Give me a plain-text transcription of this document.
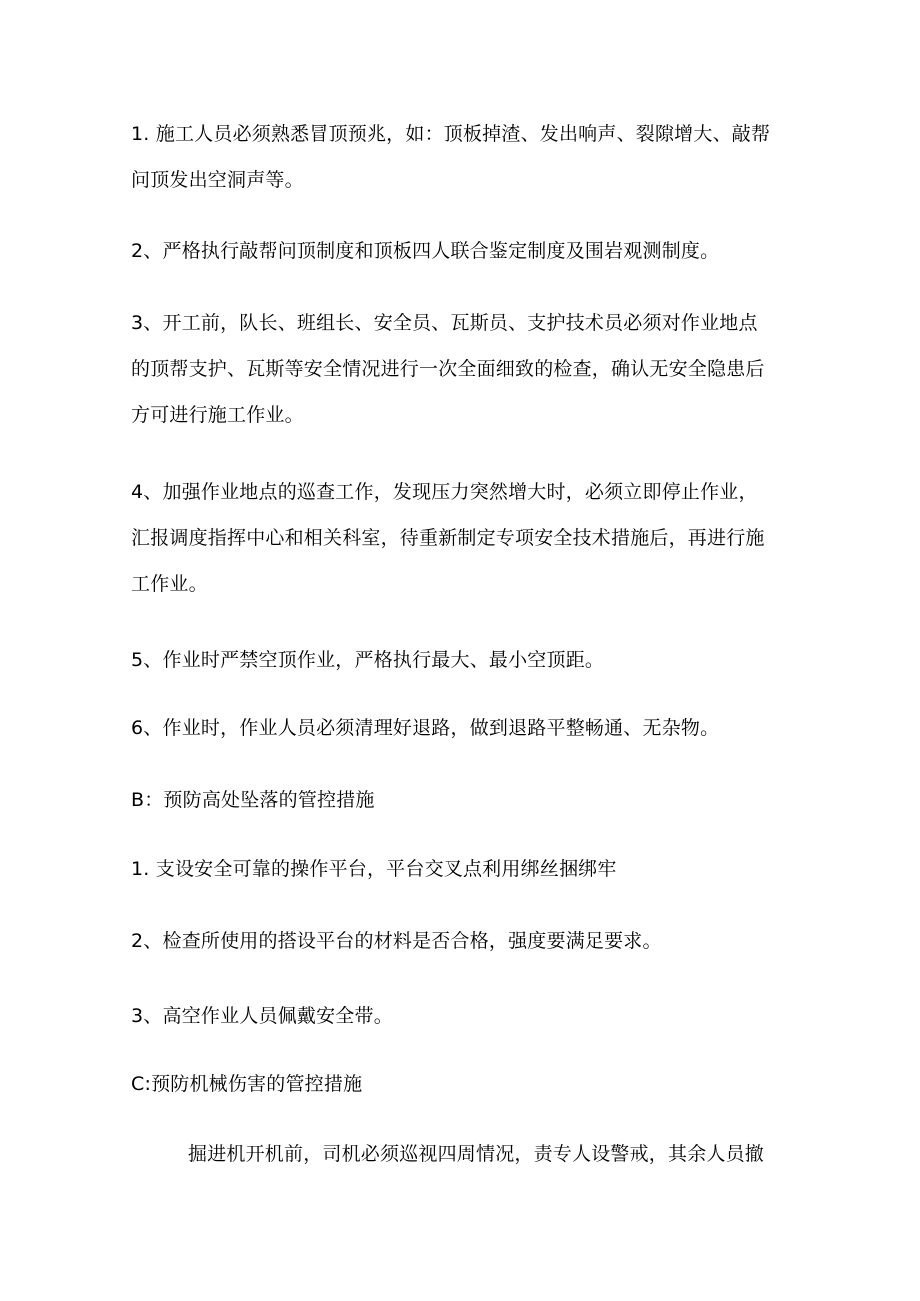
1. 施工人员必须熟悉冒顶预兆，如：顶板掉渣、发出响声、裂隙增大、敲帮
问顶发出空洞声等。

2、严格执行敲帮问顶制度和顶板四人联合鉴定制度及围岩观测制度。

3、开工前，队长、班组长、安全员、瓦斯员、支护技术员必须对作业地点
的顶帮支护、瓦斯等安全情况进行一次全面细致的检查，确认无安全隐患后
方可进行施工作业。

4、加强作业地点的巡查工作，发现压力突然增大时，必须立即停止作业，
汇报调度指挥中心和相关科室，待重新制定专项安全技术措施后，再进行施
工作业。

5、作业时严禁空顶作业，严格执行最大、最小空顶距。

6、作业时，作业人员必须清理好退路，做到退路平整畅通、无杂物。

B：预防高处坠落的管控措施

1. 支设安全可靠的操作平台，平台交叉点利用绑丝捆绑牢

2、检查所使用的搭设平台的材料是否合格，强度要满足要求。

3、高空作业人员佩戴安全带。

C:预防机械伤害的管控措施

掘进机开机前，司机必须巡视四周情况，责专人设警戒，其余人员撤
